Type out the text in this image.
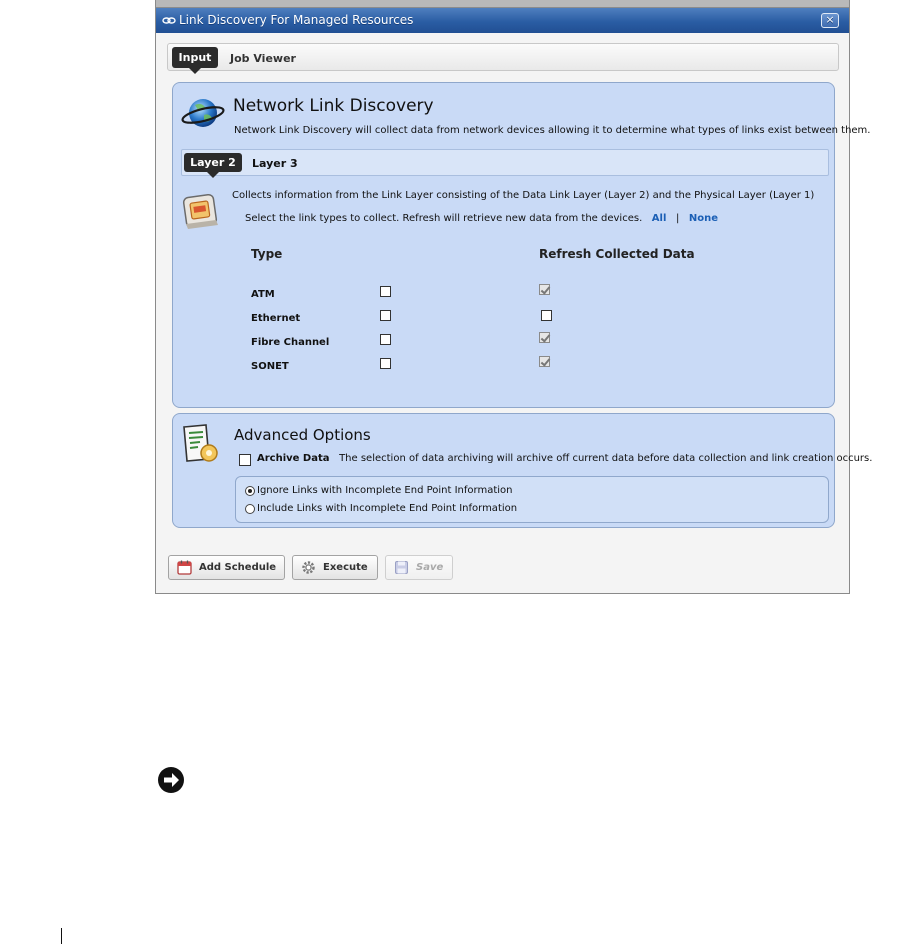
Link Discovery For Managed Resources	×
Input	Job Viewer
Network Link Discovery
Network Link Discovery will collect data from network devices allowing it to determine what types of links exist between them.
Layer 2	Layer 3
Collects information from the Link Layer consisting of the Data Link Layer (Layer 2) and the Physical Layer (Layer 1)
Select the link types to collect. Refresh will retrieve new data from the devices. All | None
Type	Refresh Collected Data
ATM
Ethernet
Fibre Channel
SONET
Advanced Options
Archive Data The selection of data archiving will archive off current data before data collection and link creation occurs.
Ignore Links with Incomplete End Point Information
Include Links with Incomplete End Point Information
Add Schedule	Execute	Save
